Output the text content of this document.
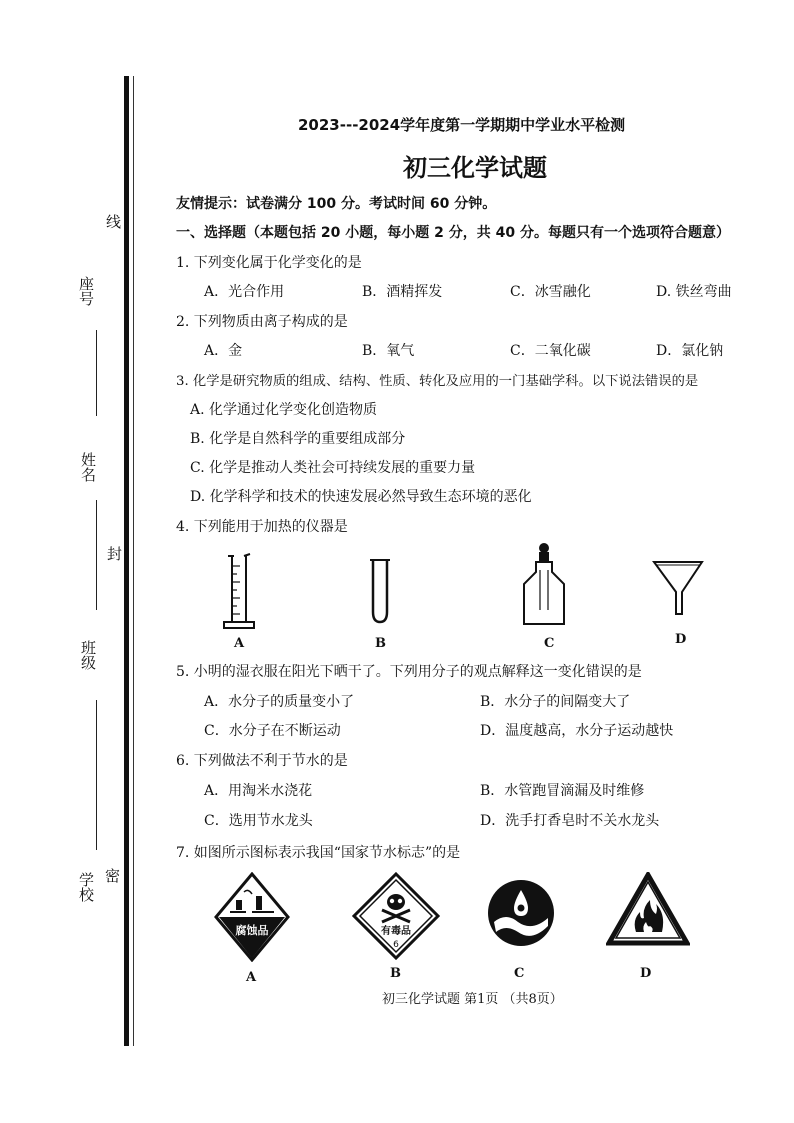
座号
线
姓名
封
班级
学校 密
2023---2024学年度第一学期期中学业水平检测
初三化学试题
友情提示：试卷满分 100 分。考试时间 60 分钟。
一、选择题（本题包括 20 小题，每小题 2 分，共 40 分。每题只有一个选项符合题意）
1. 下列变化属于化学变化的是
A．光合作用	B．酒精挥发	C．冰雪融化	D. 铁丝弯曲
2. 下列物质由离子构成的是
A．金	B．氧气	C．二氧化碳	D．氯化钠
3. 化学是研究物质的组成、结构、性质、转化及应用的一门基础学科。以下说法错误的是
A. 化学通过化学变化创造物质
B. 化学是自然科学的重要组成部分
C. 化学是推动人类社会可持续发展的重要力量
D. 化学科学和技术的快速发展必然导致生态环境的恶化
4. 下列能用于加热的仪器是
A	B	C	D
5. 小明的湿衣服在阳光下晒干了。下列用分子的观点解释这一变化错误的是
A．水分子的质量变小了	B．水分子的间隔变大了
C．水分子在不断运动	D．温度越高，水分子运动越快
6. 下列做法不利于节水的是
A．用淘米水浇花	B．水管跑冒滴漏及时维修
C．选用节水龙头	D．洗手打香皂时不关水龙头
7. 如图所示图标表示我国“国家节水标志”的是
腐蚀品
A
有毒品
6
B	C	D
初三化学试题 第1页 （共8页）
